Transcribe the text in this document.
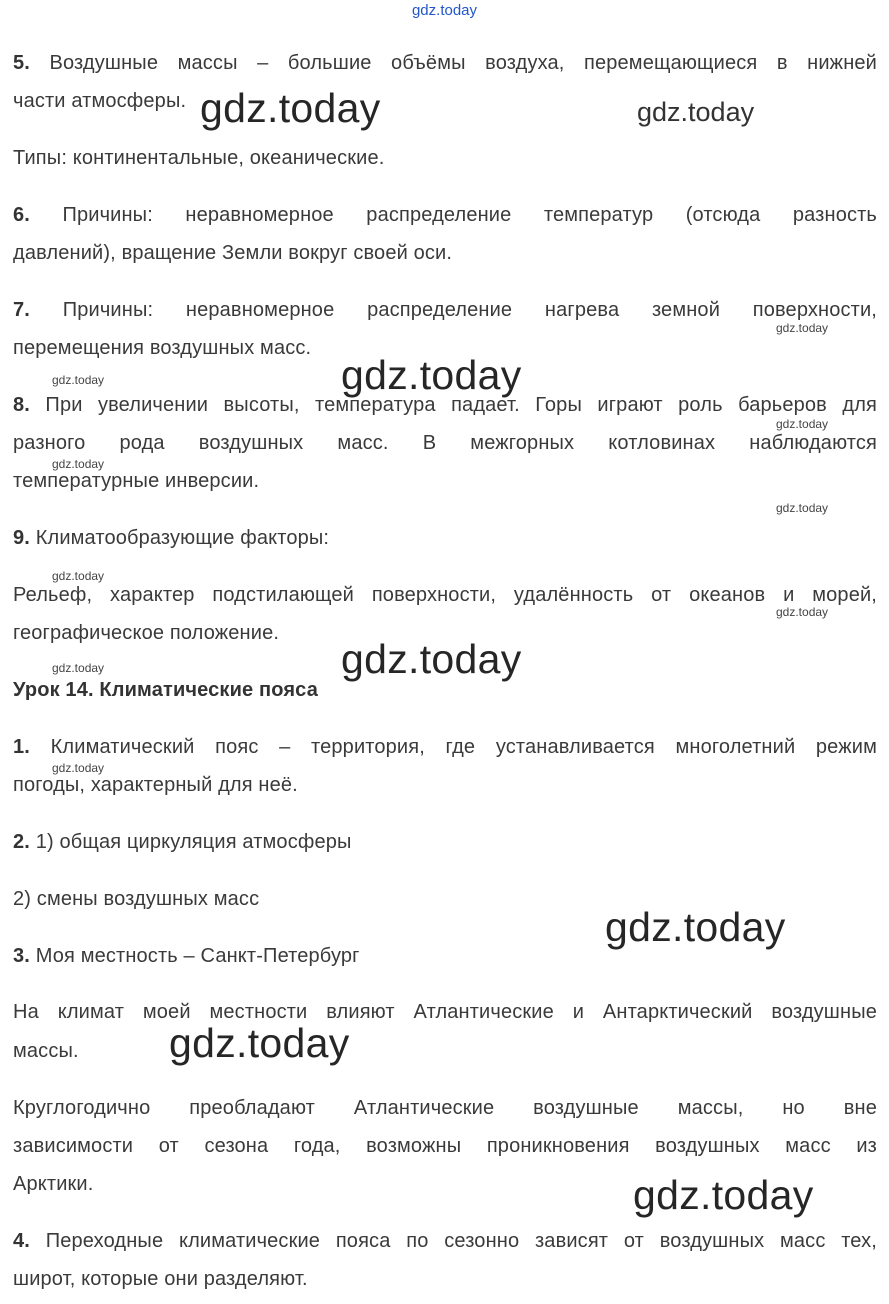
gdz.today
5. Воздушные массы – большие объёмы воздуха, перемещающиеся в нижней
части атмосферы.
Типы: континентальные, океанические.
6. Причины: неравномерное распределение температур (отсюда разность
давлений), вращение Земли вокруг своей оси.
7. Причины: неравномерное распределение нагрева земной поверхности,
перемещения воздушных масс.
8. При увеличении высоты, температура падает. Горы играют роль барьеров для
разного рода воздушных масс. В межгорных котловинах наблюдаются
температурные инверсии.
9. Климатообразующие факторы:
Рельеф, характер подстилающей поверхности, удалённость от океанов и морей,
географическое положение.
Урок 14. Климатические пояса
1. Климатический пояс – территория, где устанавливается многолетний режим
погоды, характерный для неё.
2. 1) общая циркуляция атмосферы
2) смены воздушных масс
3. Моя местность – Санкт-Петербург
На климат моей местности влияют Атлантические и Антарктический воздушные
массы.
Круглогодично преобладают Атлантические воздушные массы, но вне
зависимости от сезона года, возможны проникновения воздушных масс из
Арктики.
4. Переходные климатические пояса по сезонно зависят от воздушных масс тех,
широт, которые они разделяют.
gdz.today	gdz.today
gdz.today
gdz.today
gdz.today
gdz.today
gdz.today
gdz.today
gdz.today
gdz.today
gdz.today
gdz.today
gdz.today
gdz.today
gdz.today
gdz.today
